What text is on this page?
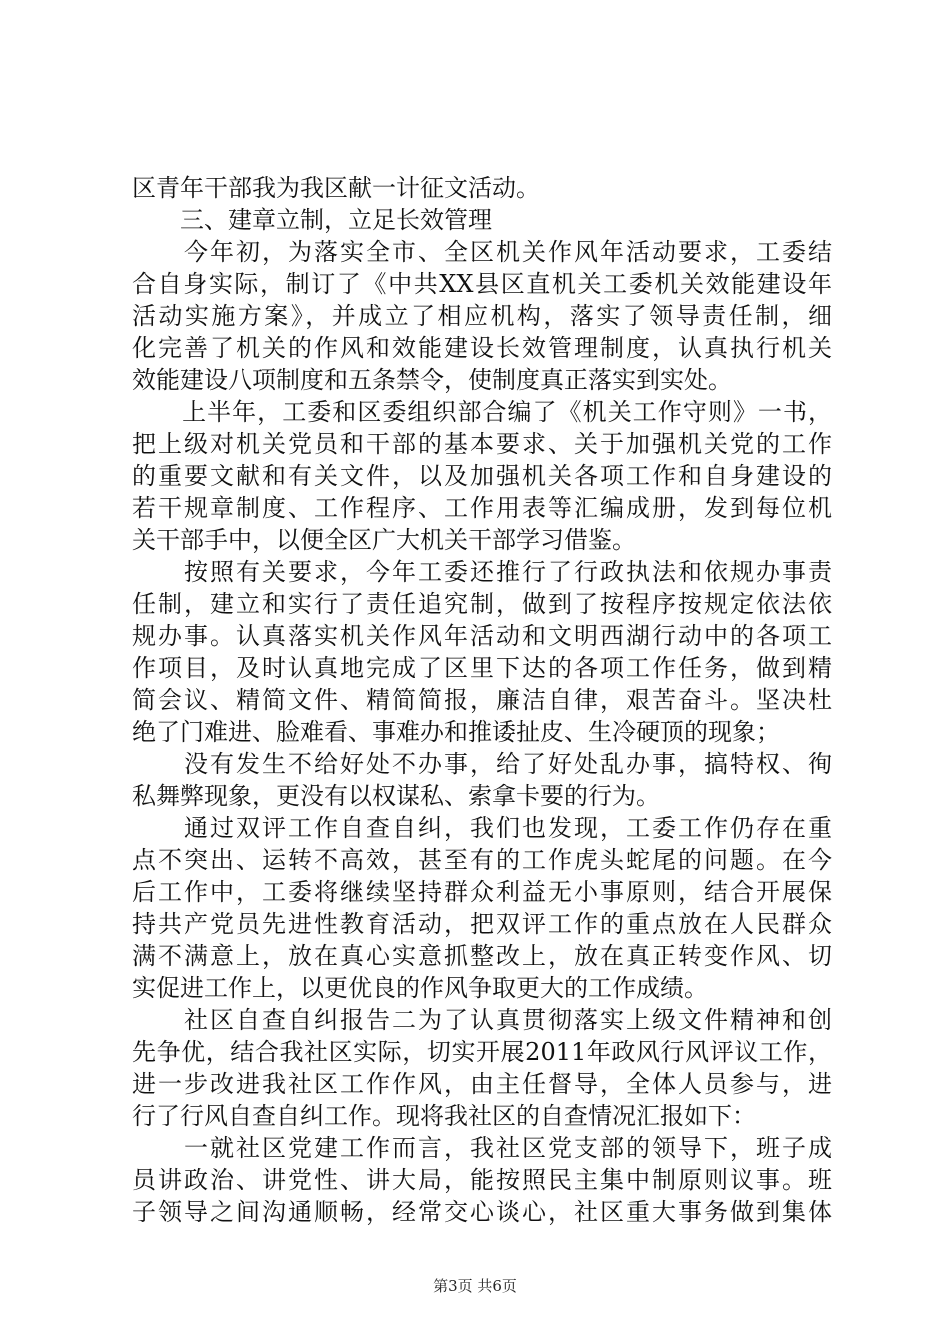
区青年干部我为我区献一计征文活动。
　　三、建章立制，立足长效管理
　　今年初，为落实全市、全区机关作风年活动要求，工委结
合自身实际，制订了《中共XX县区直机关工委机关效能建设年
活动实施方案》，并成立了相应机构，落实了领导责任制，细
化完善了机关的作风和效能建设长效管理制度，认真执行机关
效能建设八项制度和五条禁令，使制度真正落实到实处。
　　上半年，工委和区委组织部合编了《机关工作守则》一书，
把上级对机关党员和干部的基本要求、关于加强机关党的工作
的重要文献和有关文件，以及加强机关各项工作和自身建设的
若干规章制度、工作程序、工作用表等汇编成册，发到每位机
关干部手中，以便全区广大机关干部学习借鉴。
　　按照有关要求，今年工委还推行了行政执法和依规办事责
任制，建立和实行了责任追究制，做到了按程序按规定依法依
规办事。认真落实机关作风年活动和文明西湖行动中的各项工
作项目，及时认真地完成了区里下达的各项工作任务，做到精
简会议、精简文件、精简简报，廉洁自律，艰苦奋斗。坚决杜
绝了门难进、脸难看、事难办和推诿扯皮、生冷硬顶的现象；
　　没有发生不给好处不办事，给了好处乱办事，搞特权、徇
私舞弊现象，更没有以权谋私、索拿卡要的行为。
　　通过双评工作自查自纠，我们也发现，工委工作仍存在重
点不突出、运转不高效，甚至有的工作虎头蛇尾的问题。在今
后工作中，工委将继续坚持群众利益无小事原则，结合开展保
持共产党员先进性教育活动，把双评工作的重点放在人民群众
满不满意上，放在真心实意抓整改上，放在真正转变作风、切
实促进工作上，以更优良的作风争取更大的工作成绩。
　　社区自查自纠报告二为了认真贯彻落实上级文件精神和创
先争优，结合我社区实际，切实开展2011年政风行风评议工作，
进一步改进我社区工作作风，由主任督导，全体人员参与，进
行了行风自查自纠工作。现将我社区的自查情况汇报如下：
　　一就社区党建工作而言，我社区党支部的领导下，班子成
员讲政治、讲党性、讲大局，能按照民主集中制原则议事。班
子领导之间沟通顺畅，经常交心谈心，社区重大事务做到集体
第3页 共6页
